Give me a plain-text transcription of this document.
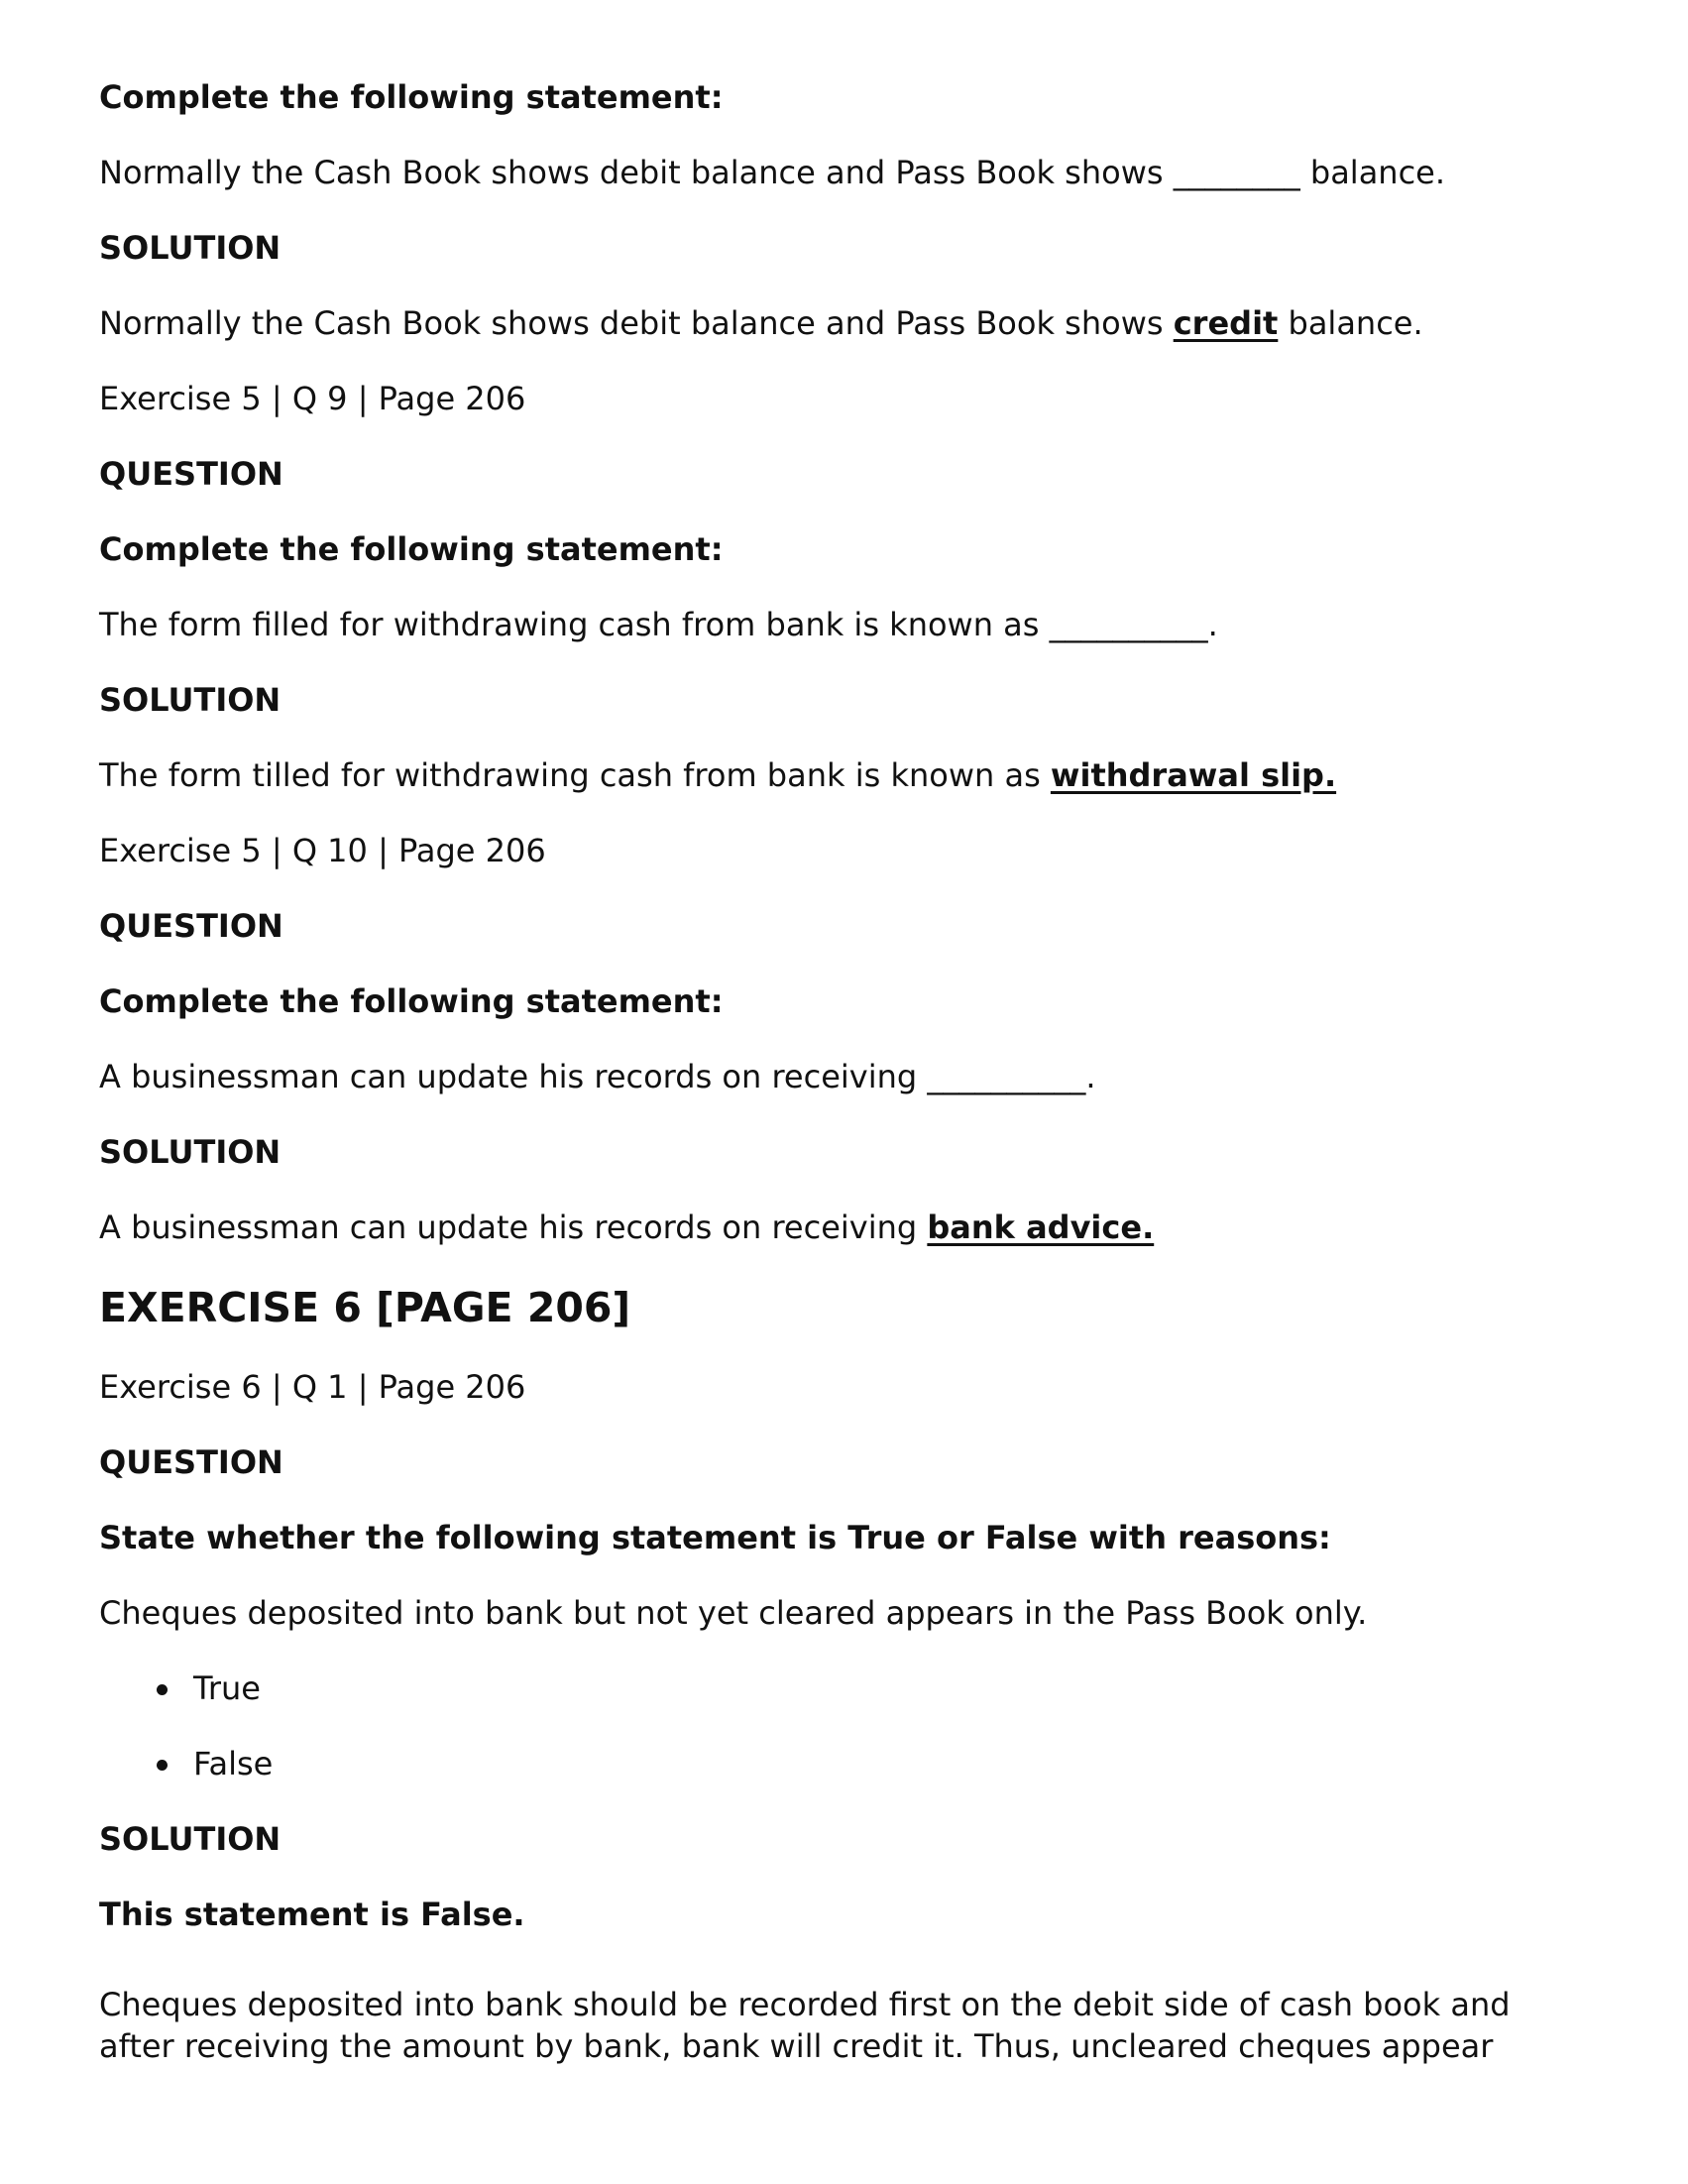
Complete the following statement:
Normally the Cash Book shows debit balance and Pass Book shows ________ balance.
SOLUTION
Normally the Cash Book shows debit balance and Pass Book shows credit balance.
Exercise 5 | Q 9 | Page 206
QUESTION
Complete the following statement:
The form filled for withdrawing cash from bank is known as __________.
SOLUTION
The form tilled for withdrawing cash from bank is known as withdrawal slip.
Exercise 5 | Q 10 | Page 206
QUESTION
Complete the following statement:
A businessman can update his records on receiving __________.
SOLUTION
A businessman can update his records on receiving bank advice.
EXERCISE 6 [PAGE 206]
Exercise 6 | Q 1 | Page 206
QUESTION
State whether the following statement is True or False with reasons:
Cheques deposited into bank but not yet cleared appears in the Pass Book only.
True
False
SOLUTION
This statement is False.
Cheques deposited into bank should be recorded first on the debit side of cash book and
after receiving the amount by bank, bank will credit it. Thus, uncleared cheques appear
